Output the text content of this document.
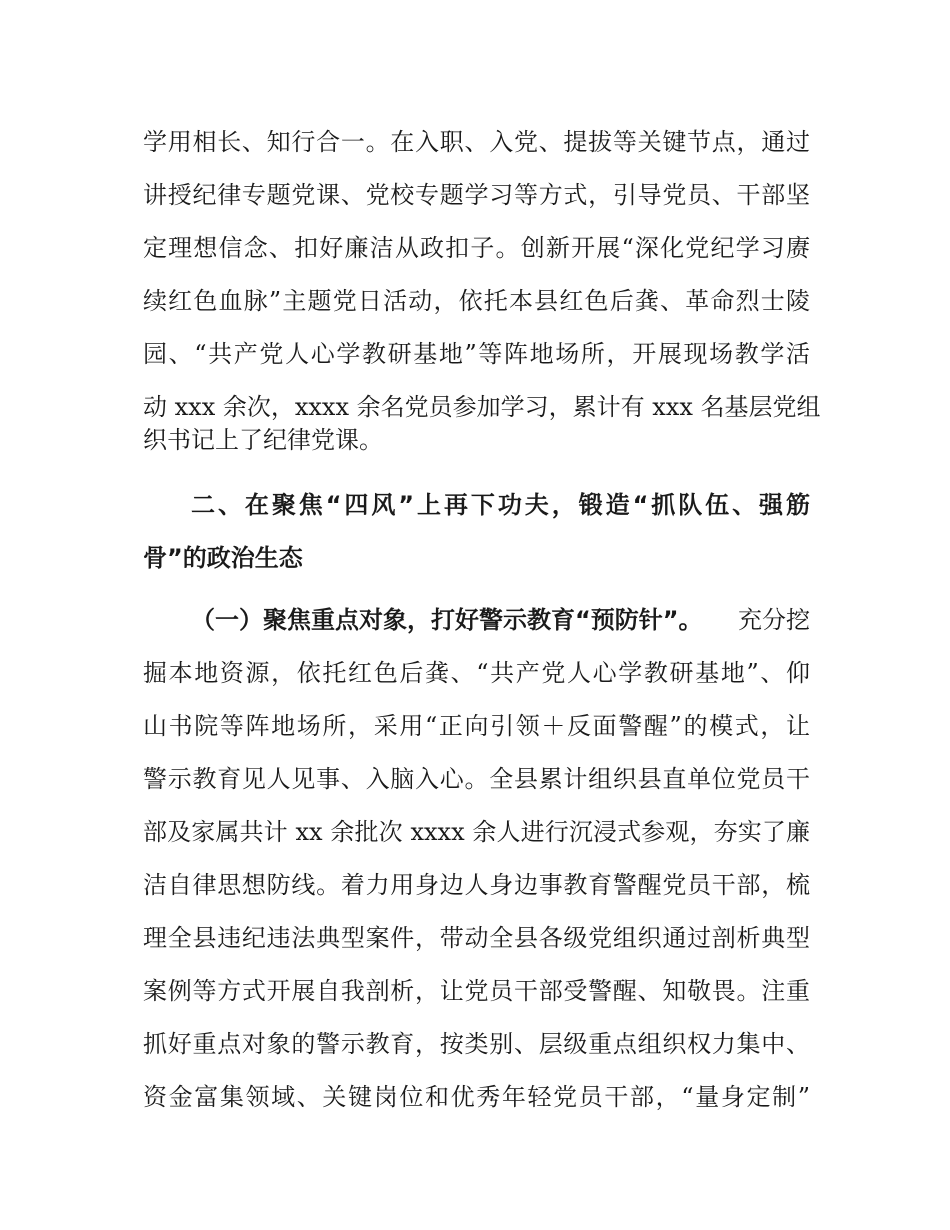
学用相长、知行合一。在入职、入党、提拔等关键节点，通过
讲授纪律专题党课、党校专题学习等方式，引导党员、干部坚
定理想信念、扣好廉洁从政扣子。创新开展“深化党纪学习赓
续红色血脉”主题党日活动，依托本县红色后龚、革命烈士陵
园、“共产党人心学教研基地”等阵地场所，开展现场教学活
动 xxx 余次，xxxx 余名党员参加学习，累计有 xxx 名基层党组
织书记上了纪律党课。
二、在聚焦“四风”上再下功夫，锻造“抓队伍、强筋
骨”的政治生态
（一）聚焦重点对象，打好警示教育“预防针”。 充分挖
掘本地资源，依托红色后龚、“共产党人心学教研基地”、仰
山书院等阵地场所，采用“正向引领＋反面警醒”的模式，让
警示教育见人见事、入脑入心。全县累计组织县直单位党员干
部及家属共计 xx 余批次 xxxx 余人进行沉浸式参观，夯实了廉
洁自律思想防线。着力用身边人身边事教育警醒党员干部，梳
理全县违纪违法典型案件，带动全县各级党组织通过剖析典型
案例等方式开展自我剖析，让党员干部受警醒、知敬畏。注重
抓好重点对象的警示教育，按类别、层级重点组织权力集中、
资金富集领域、关键岗位和优秀年轻党员干部，“量身定制”
